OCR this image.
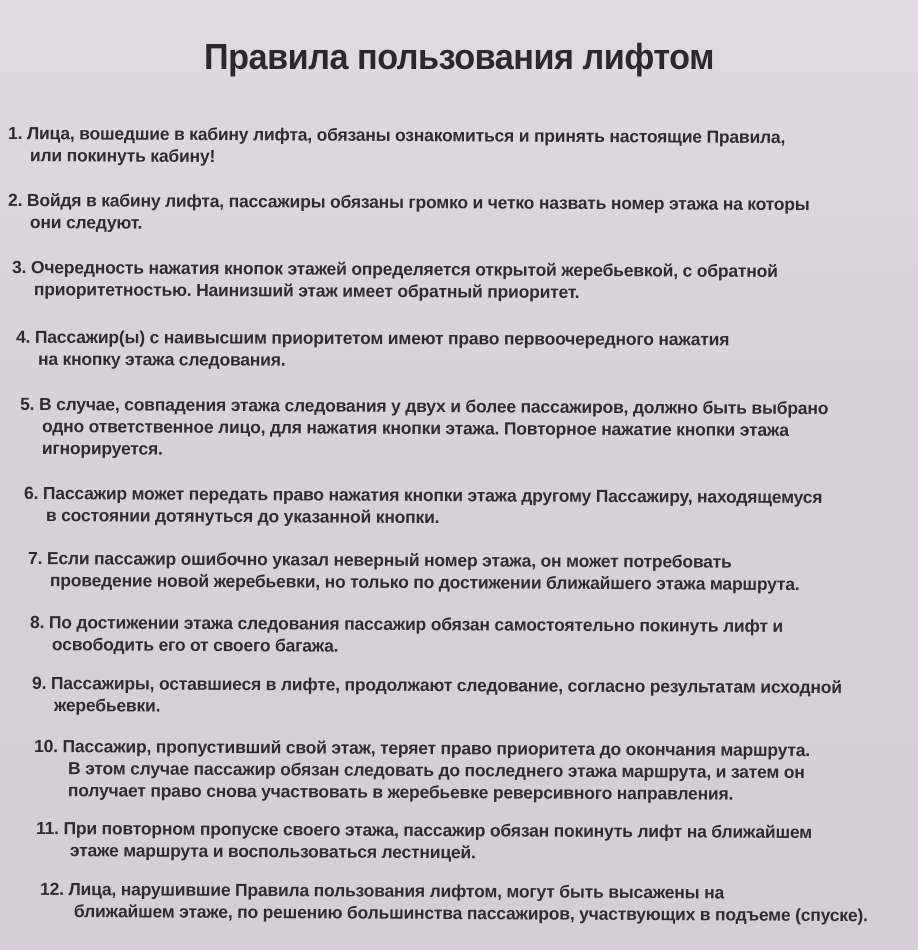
Правила пользования лифтом
1. Лица, вошедшие в кабину лифта, обязаны ознакомиться и принять настоящие Правила,
или покинуть кабину!
2. Войдя в кабину лифта, пассажиры обязаны громко и четко назвать номер этажа на которы
они следуют.
3. Очередность нажатия кнопок этажей определяется открытой жеребьевкой, с обратной
приоритетностью. Наинизший этаж имеет обратный приоритет.
4. Пассажир(ы) с наивысшим приоритетом имеют право первоочередного нажатия
на кнопку этажа следования.
5. В случае, совпадения этажа следования у двух и более пассажиров, должно быть выбрано
одно ответственное лицо, для нажатия кнопки этажа. Повторное нажатие кнопки этажа
игнорируется.
6. Пассажир может передать право нажатия кнопки этажа другому Пассажиру, находящемуся
в состоянии дотянуться до указанной кнопки.
7. Если пассажир ошибочно указал неверный номер этажа, он может потребовать
проведение новой жеребьевки, но только по достижении ближайшего этажа маршрута.
8. По достижении этажа следования пассажир обязан самостоятельно покинуть лифт и
освободить его от своего багажа.
9. Пассажиры, оставшиеся в лифте, продолжают следование, согласно результатам исходной
жеребьевки.
10. Пассажир, пропустивший свой этаж, теряет право приоритета до окончания маршрута.
В этом случае пассажир обязан следовать до последнего этажа маршрута, и затем он
получает право снова участвовать в жеребьевке реверсивного направления.
11. При повторном пропуске своего этажа, пассажир обязан покинуть лифт на ближайшем
этаже маршрута и воспользоваться лестницей.
12. Лица, нарушившие Правила пользования лифтом, могут быть высажены на
ближайшем этаже, по решению большинства пассажиров, участвующих в подъеме (спуске).
